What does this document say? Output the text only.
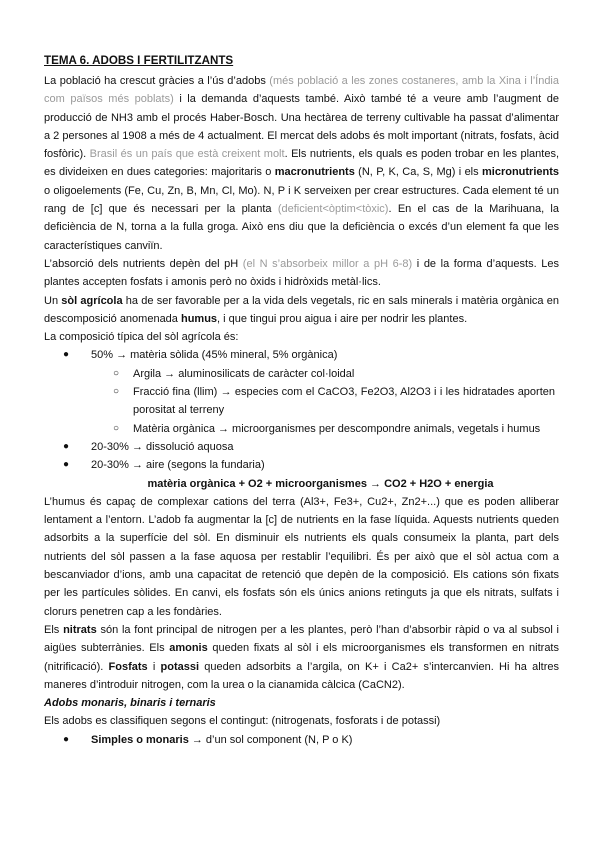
TEMA 6. ADOBS I FERTILITZANTS

La població ha crescut gràcies a l’ús d’adobs (més població a les zones costaneres, amb la Xina i l’Índia com països més poblats) i la demanda d’aquests també. Això també té a veure amb l’augment de producció de NH3 amb el procés Haber-Bosch. Una hectàrea de terreny cultivable ha passat d’alimentar a 2 persones al 1908 a més de 4 actualment. El mercat dels adobs és molt important (nitrats, fosfats, àcid fosfòric). Brasil és un país que està creixent molt. Els nutrients, els quals es poden trobar en les plantes, es divideixen en dues categories: majoritaris o macronutrients (N, P, K, Ca, S, Mg) i els micronutrients o oligoelements (Fe, Cu, Zn, B, Mn, Cl, Mo). N, P i K serveixen per crear estructures. Cada element té un rang de [c] que és necessari per la planta (deficient<òptim<tòxic). En el cas de la Marihuana, la deficiència de N, torna a la fulla groga. Això ens diu que la deficiència o excés d’un element fa que les característiques canviïn.

L’absorció dels nutrients depèn del pH (el N s’absorbeix millor a pH 6-8) i de la forma d’aquests. Les plantes accepten fosfats i amonis però no òxids i hidròxids metàl·lics.

Un sòl agrícola ha de ser favorable per a la vida dels vegetals, ric en sals minerals i matèria orgànica en descomposició anomenada humus, i que tingui prou aigua i aire per nodrir les plantes.

La composició típica del sòl agrícola és:

● 50% → matèria sòlida (45% mineral, 5% orgànica)
○ Argila → aluminosilicats de caràcter col·loidal
○ Fracció fina (llim) → especies com el CaCO3, Fe2O3, Al2O3 i i les hidratades aporten porositat al terreny
○ Matèria orgànica → microorganismes per descompondre animals, vegetals i humus
● 20-30% → dissolució aquosa
● 20-30% → aire (segons la fundaria)
matèria orgànica + O2 + microorganismes → CO2 + H2O + energia

L’humus és capaç de complexar cations del terra (Al3+, Fe3+, Cu2+, Zn2+...) que es poden alliberar lentament a l’entorn. L’adob fa augmentar la [c] de nutrients en la fase líquida. Aquests nutrients queden adsorbits a la superfície del sòl. En disminuir els nutrients els quals consumeix la planta, part dels nutrients del sòl passen a la fase aquosa per restablir l’equilibri. És per això que el sòl actua com a bescanviador d’ions, amb una capacitat de retenció que depèn de la composició. Els cations són fixats per les partícules sòlides. En canvi, els fosfats són els únics anions retinguts ja que els nitrats, sulfats i clorurs penetren cap a les fondàries.

Els nitrats són la font principal de nitrogen per a les plantes, però l’han d’absorbir ràpid o va al subsol i aigües subterrànies. Els amonis queden fixats al sòl i els microorganismes els transformen en nitrats (nitrificació). Fosfats i potassi queden adsorbits a l’argila, on K+ i Ca2+ s’intercanvien. Hi ha altres maneres d’introduir nitrogen, com la urea o la cianamida càlcica (CaCN2).

Adobs monaris, binaris i ternaris

Els adobs es classifiquen segons el contingut: (nitrogenats, fosforats i de potassi)

● Simples o monaris → d’un sol component (N, P o K)
